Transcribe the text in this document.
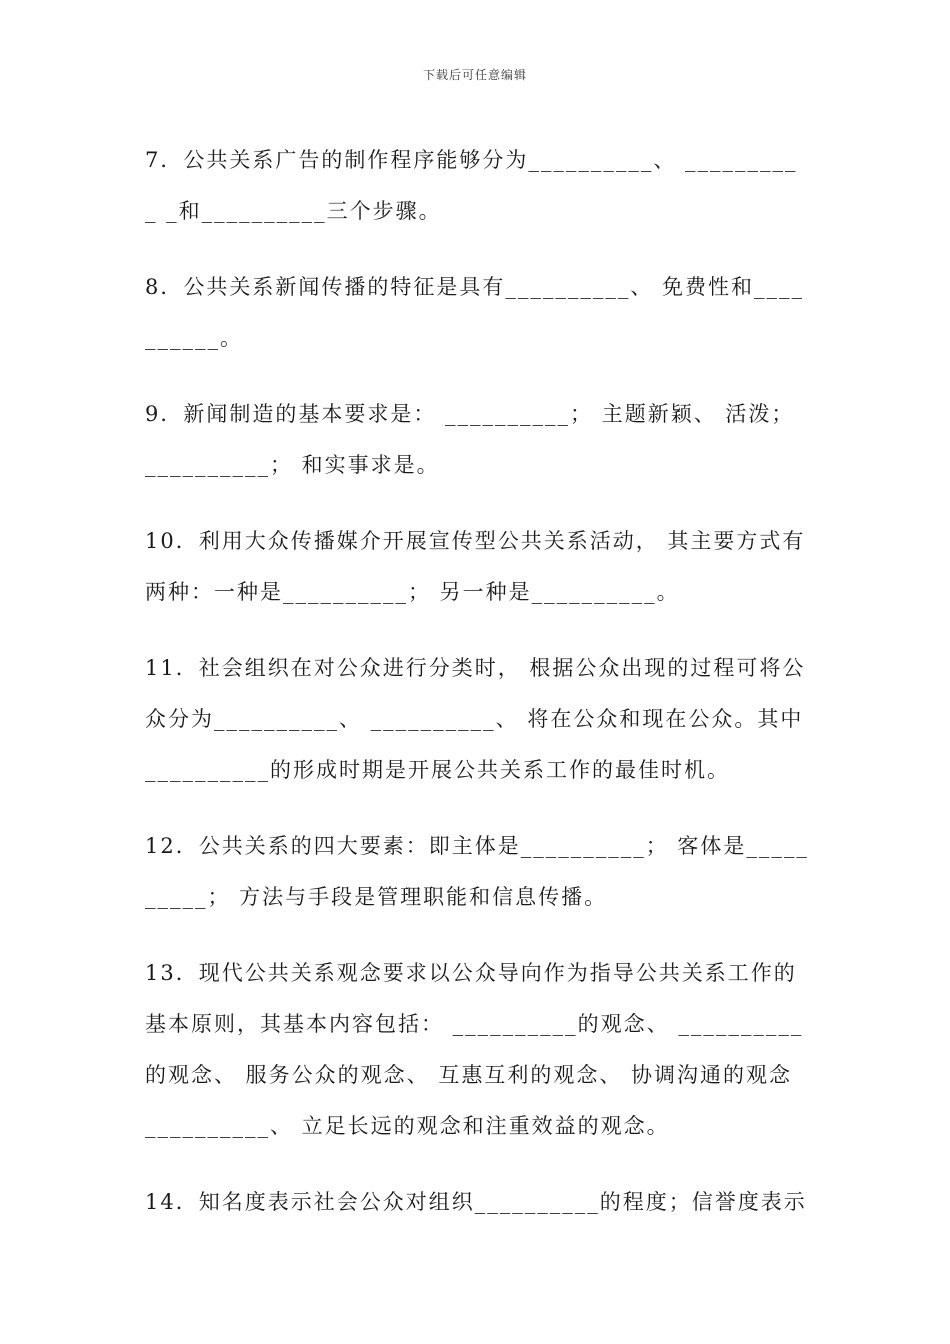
下载后可任意编辑

7．公共关系广告的制作程序能够分为__________、 __________ _和__________三个步骤。

8．公共关系新闻传播的特征是具有__________、 免费性和__________。

9．新闻制造的基本要求是： __________； 主题新颖、 活泼； __________； 和实事求是。

10．利用大众传播媒介开展宣传型公共关系活动， 其主要方式有两种：一种是__________； 另一种是__________。

11．社会组织在对公众进行分类时， 根据公众出现的过程可将公众分为__________、 __________、 将在公众和现在公众。其中__________的形成时期是开展公共关系工作的最佳时机。

12．公共关系的四大要素：即主体是__________； 客体是__________； 方法与手段是管理职能和信息传播。

13．现代公共关系观念要求以公众导向作为指导公共关系工作的基本原则，其基本内容包括： __________的观念、 __________的观念、 服务公众的观念、 互惠互利的观念、 协调沟通的观念 __________、 立足长远的观念和注重效益的观念。

14．知名度表示社会公众对组织__________的程度；信誉度表示
